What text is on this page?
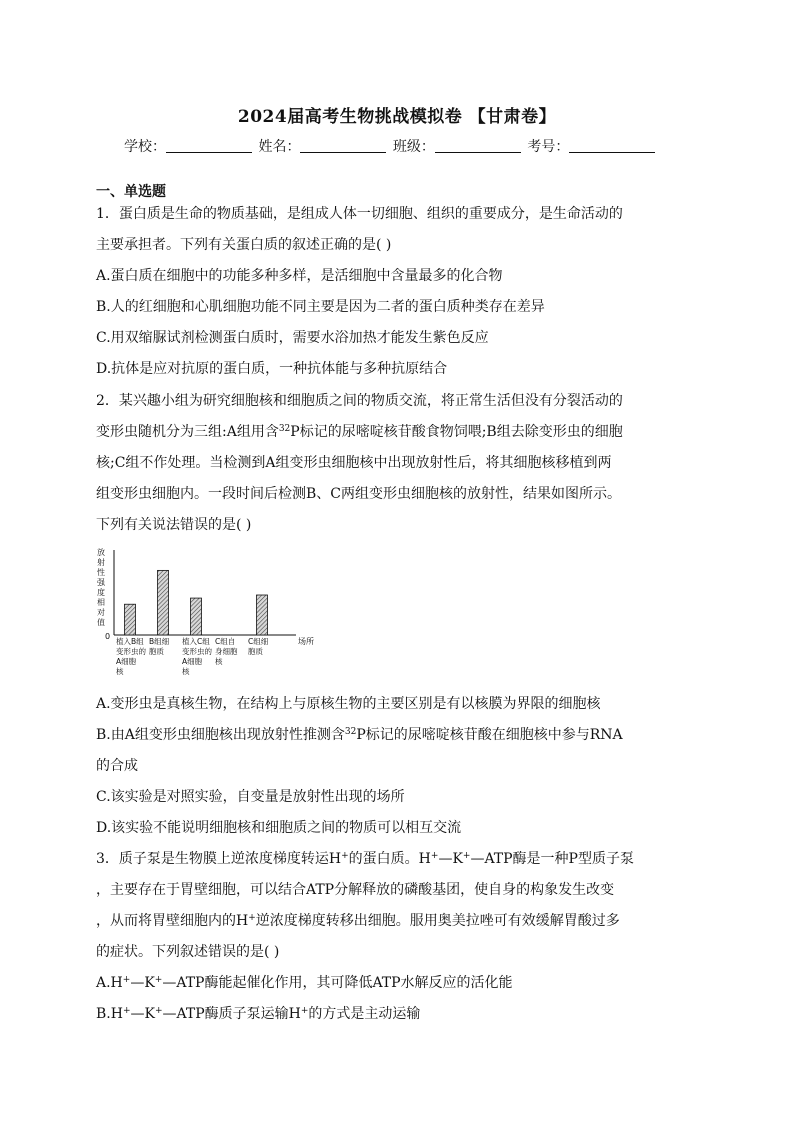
2024届高考生物挑战模拟卷 【甘肃卷】
学校：	姓名：	班级：	考号：
一、单选题
1．蛋白质是生命的物质基础，是组成人体一切细胞、组织的重要成分，是生命活动的
主要承担者。下列有关蛋白质的叙述正确的是( )
A.蛋白质在细胞中的功能多种多样，是活细胞中含量最多的化合物
B.人的红细胞和心肌细胞功能不同主要是因为二者的蛋白质种类存在差异
C.用双缩脲试剂检测蛋白质时，需要水浴加热才能发生紫色反应
D.抗体是应对抗原的蛋白质，一种抗体能与多种抗原结合
2．某兴趣小组为研究细胞核和细胞质之间的物质交流，将正常生活但没有分裂活动的
变形虫随机分为三组:A组用含$^{32}$P标记的尿嘧啶核苷酸食物饲喂;B组去除变形虫的细胞
核;C组不作处理。当检测到A组变形虫细胞核中出现放射性后，将其细胞核移植到两
组变形虫细胞内。一段时间后检测B、C两组变形虫细胞核的放射性，结果如图所示。
下列有关说法错误的是( )
放射性强度相对值
0
植入B组变形虫的 A细胞核
B组细胞质
植入C组变形虫的 A细胞核
C组自身细胞核
C组细胞质
场所
A.变形虫是真核生物，在结构上与原核生物的主要区别是有以核膜为界限的细胞核
B.由A组变形虫细胞核出现放射性推测含$^{32}$P标记的尿嘧啶核苷酸在细胞核中参与RNA
的合成
C.该实验是对照实验，自变量是放射性出现的场所
D.该实验不能说明细胞核和细胞质之间的物质可以相互交流
3．质子泵是生物膜上逆浓度梯度转运H+的蛋白质。H+—K+—ATP酶是一种P型质子泵
，主要存在于胃壁细胞，可以结合ATP分解释放的磷酸基团，使自身的构象发生改变
，从而将胃壁细胞内的H+逆浓度梯度转移出细胞。服用奥美拉唑可有效缓解胃酸过多
的症状。下列叙述错误的是( )
A.H+—K+—ATP酶能起催化作用，其可降低ATP水解反应的活化能
B.H+—K+—ATP酶质子泵运输H+的方式是主动运输
